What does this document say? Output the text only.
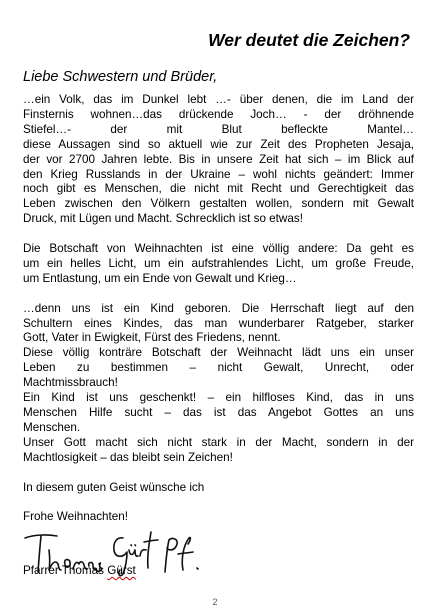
Wer deutet die Zeichen?

Liebe Schwestern und Brüder,

…ein Volk, das im Dunkel lebt …- über denen, die im Land der
Finsternis wohnen…das drückende Joch… - der dröhnende
Stiefel…- der mit Blut befleckte Mantel…
diese Aussagen sind so aktuell wie zur Zeit des Propheten Jesaja,
der vor 2700 Jahren lebte. Bis in unsere Zeit hat sich – im Blick auf
den Krieg Russlands in der Ukraine – wohl nichts geändert: Immer
noch gibt es Menschen, die nicht mit Recht und Gerechtigkeit das
Leben zwischen den Völkern gestalten wollen, sondern mit Gewalt
Druck, mit Lügen und Macht. Schrecklich ist so etwas!

Die Botschaft von Weihnachten ist eine völlig andere: Da geht es
um ein helles Licht, um ein aufstrahlendes Licht, um große Freude,
um Entlastung, um ein Ende von Gewalt und Krieg…

…denn uns ist ein Kind geboren. Die Herrschaft liegt auf den
Schultern eines Kindes, das man wunderbarer Ratgeber, starker
Gott, Vater in Ewigkeit, Fürst des Friedens, nennt.
Diese völlig konträre Botschaft der Weihnacht lädt uns ein unser
Leben zu bestimmen – nicht Gewalt, Unrecht, oder
Machtmissbrauch!
Ein Kind ist uns geschenkt! – ein hilfloses Kind, das in uns
Menschen Hilfe sucht – das ist das Angebot Gottes an uns
Menschen.
Unser Gott macht sich nicht stark in der Macht, sondern in der
Machtlosigkeit – das bleibt sein Zeichen!

In diesem guten Geist wünsche ich

Frohe Weihnachten!

Pfarrer Thomas Gürst
2
